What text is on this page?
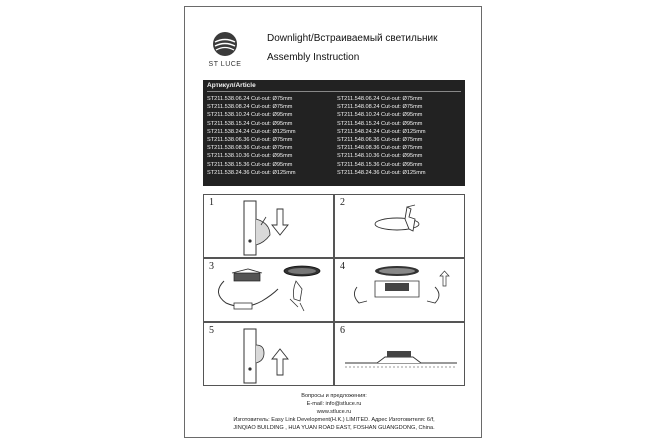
ST LUCE
Downlight/Встраиваемый светильник
Assembly Instruction
Артикул/Article
ST211.538.06.24 Cut-out: Ø75mm
ST211.538.08.24 Cut-out: Ø75mm
ST211.538.10.24 Cut-out: Ø95mm
ST211.538.15.24 Cut-out: Ø95mm
ST211.538.24.24 Cut-out: Ø125mm
ST211.538.06.36 Cut-out: Ø75mm
ST211.538.08.36 Cut-out: Ø75mm
ST211.538.10.36 Cut-out: Ø95mm
ST211.538.15.36 Cut-out: Ø95mm
ST211.538.24.36 Cut-out: Ø125mm
ST211.548.06.24 Cut-out: Ø75mm
ST211.548.08.24 Cut-out: Ø75mm
ST211.548.10.24 Cut-out: Ø95mm
ST211.548.15.24 Cut-out: Ø95mm
ST211.548.24.24 Cut-out: Ø125mm
ST211.548.06.36 Cut-out: Ø75mm
ST211.548.08.36 Cut-out: Ø75mm
ST211.548.10.36 Cut-out: Ø95mm
ST211.548.15.36 Cut-out: Ø95mm
ST211.548.24.36 Cut-out: Ø125mm
1	2
3	4
5	6
Вопросы и предложения:
E-mail: info@stluce.ru
www.stluce.ru
Изготовитель: Easy Link Development(H.K.) LIMITED. Адрес Изготовителя: 6/f,
JINQIAO BUILDING , HUA YUAN ROAD EAST, FOSHAN GUANGDONG, China.
